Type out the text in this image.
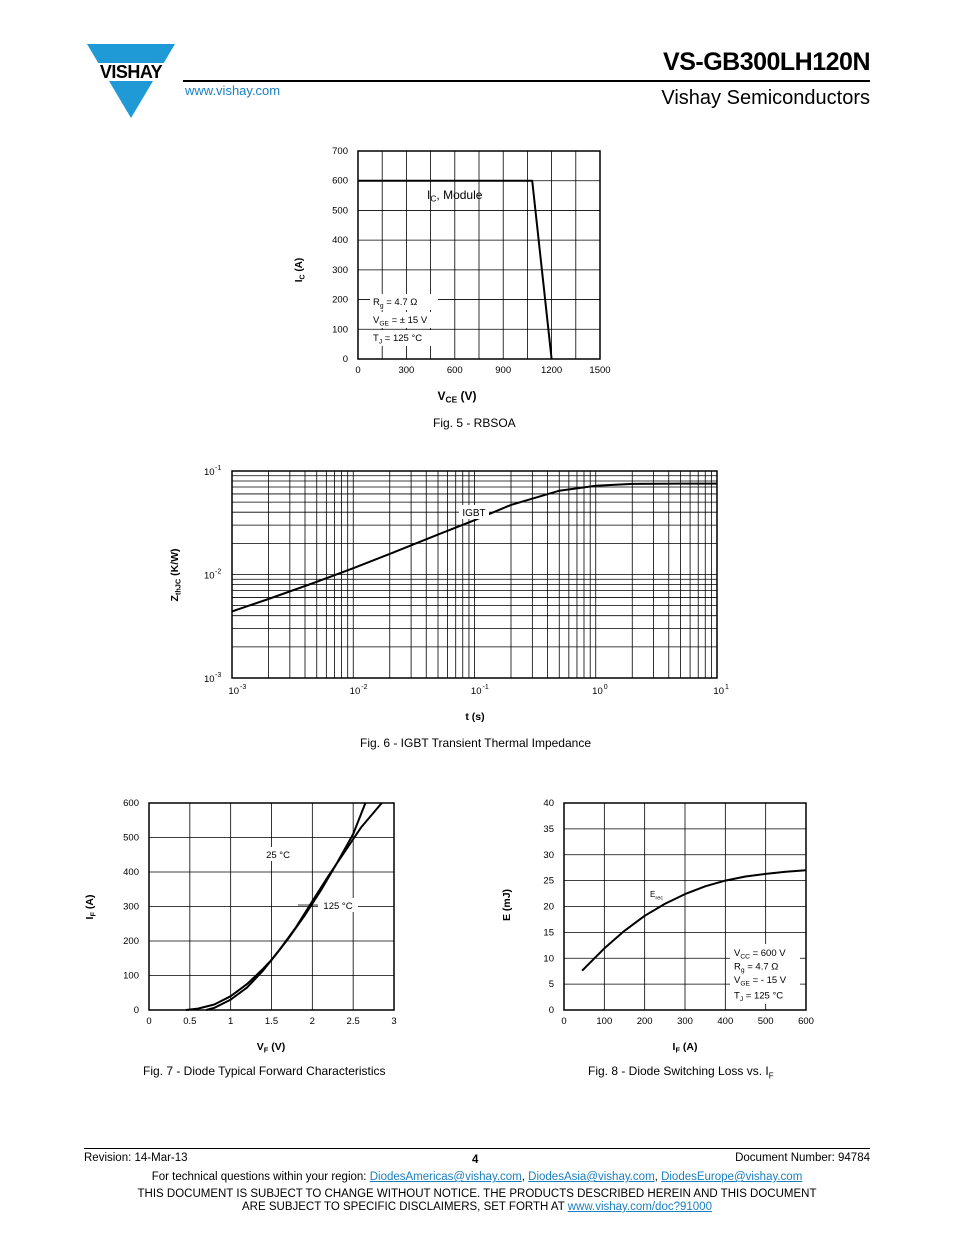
VISHAY
www.vishay.com
VS-GB300LH120N
Vishay Semiconductors
0	300	600	900	1200	1500
0
100
200
300
400
500
600
700
$I_C$, Module
$R_g = 4.7$ Ω
$V_{GE}$ = ± 15 V
$T_J = 125$ °C
$V_{CE}$ (V)
$I_C$ (A)
10	10	10	10	10
10
10
10
-3	-2	-1	0	1
-3
-2
-1
IGBT
t (s)
$Z_{thJC}$ (K/W)
0	0.5	1	1.5	2	2.5	3
0
100
200
300
400
500
600
25 °C
125 °C
$V_F$ (V)
$I_F$ (A)
0	100	200	300	400	500	600
0
5
10
15
20
25
30
35
40
$E_{rec}$
$V_{CC} = 600$ V
$R_g = 4.7$ Ω
$V_{GE}$ = - 15 V
$T_J = 125$ °C
$I_F$ (A)
E (mJ)
Fig. 5 - RBSOA
Fig. 6 - IGBT Transient Thermal Impedance
Fig. 7 - Diode Typical Forward Characteristics	Fig. 8 - Diode Switching Loss vs. $I_F$
Revision: 14-Mar-13	4	Document Number: 94784
For technical questions within your region: DiodesAmericas@vishay.com, DiodesAsia@vishay.com, DiodesEurope@vishay.com
THIS DOCUMENT IS SUBJECT TO CHANGE WITHOUT NOTICE. THE PRODUCTS DESCRIBED HEREIN AND THIS DOCUMENT
ARE SUBJECT TO SPECIFIC DISCLAIMERS, SET FORTH AT www.vishay.com/doc?91000
